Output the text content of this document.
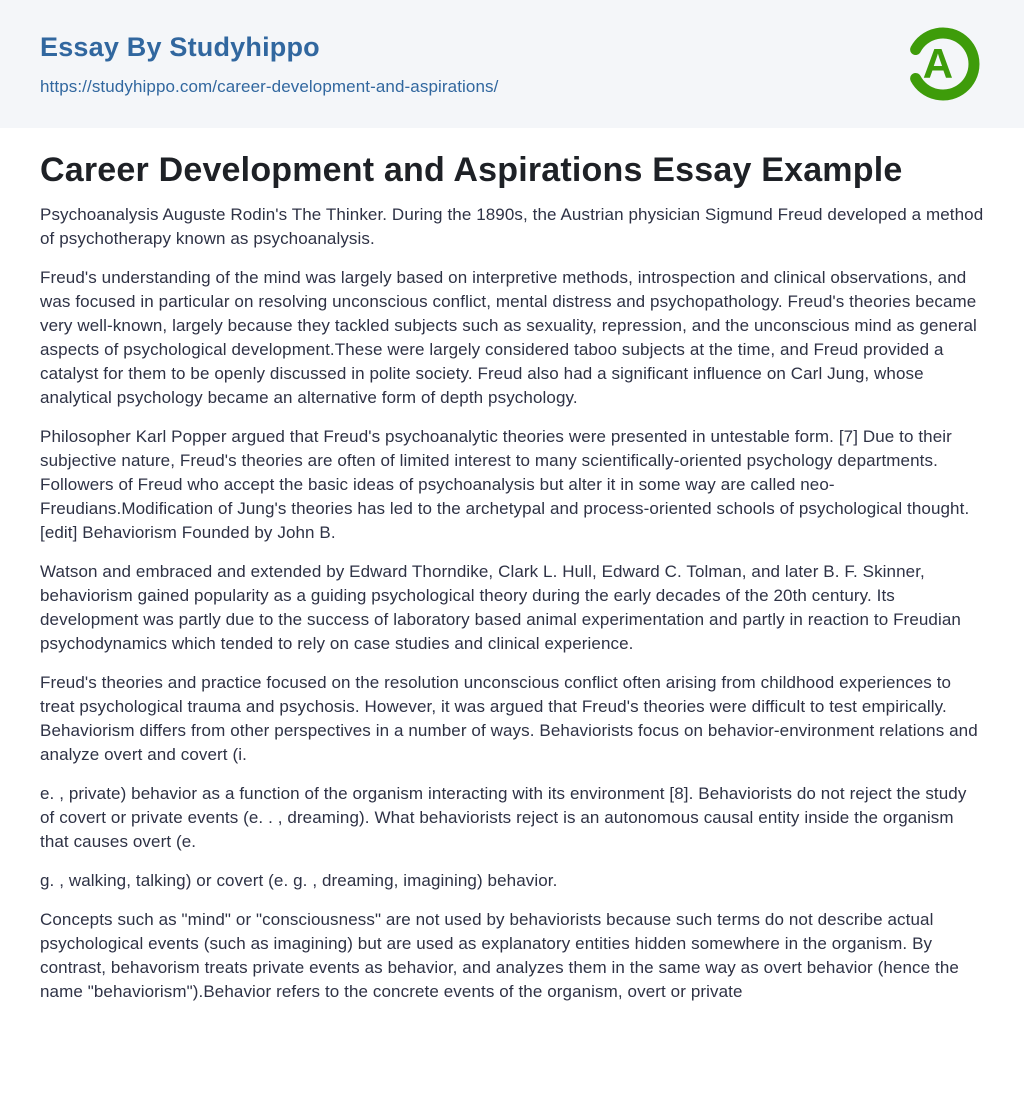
Essay By Studyhippo
https://studyhippo.com/career-development-and-aspirations/	A
Career Development and Aspirations Essay Example

Psychoanalysis Auguste Rodin's The Thinker. During the 1890s, the Austrian physician Sigmund Freud developed a method of psychotherapy known as psychoanalysis.

Freud's understanding of the mind was largely based on interpretive methods, introspection and clinical observations, and was focused in particular on resolving unconscious conflict, mental distress and psychopathology. Freud's theories became very well-known, largely because they tackled subjects such as sexuality, repression, and the unconscious mind as general aspects of psychological development.These were largely considered taboo subjects at the time, and Freud provided a catalyst for them to be openly discussed in polite society. Freud also had a significant influence on Carl Jung, whose analytical psychology became an alternative form of depth psychology.

Philosopher Karl Popper argued that Freud's psychoanalytic theories were presented in untestable form. [7] Due to their subjective nature, Freud's theories are often of limited interest to many scientifically-oriented psychology departments. Followers of Freud who accept the basic ideas of psychoanalysis but alter it in some way are called neo-Freudians.Modification of Jung's theories has led to the archetypal and process-oriented schools of psychological thought. [edit] Behaviorism Founded by John B.

Watson and embraced and extended by Edward Thorndike, Clark L. Hull, Edward C. Tolman, and later B. F. Skinner, behaviorism gained popularity as a guiding psychological theory during the early decades of the 20th century. Its development was partly due to the success of laboratory based animal experimentation and partly in reaction to Freudian psychodynamics which tended to rely on case studies and clinical experience.

Freud's theories and practice focused on the resolution unconscious conflict often arising from childhood experiences to treat psychological trauma and psychosis. However, it was argued that Freud's theories were difficult to test empirically. Behaviorism differs from other perspectives in a number of ways. Behaviorists focus on behavior-environment relations and analyze overt and covert (i.

e. , private) behavior as a function of the organism interacting with its environment [8]. Behaviorists do not reject the study of covert or private events (e. . , dreaming). What behaviorists reject is an autonomous causal entity inside the organism that causes overt (e.

g. , walking, talking) or covert (e. g. , dreaming, imagining) behavior.

Concepts such as "mind" or "consciousness" are not used by behaviorists because such terms do not describe actual psychological events (such as imagining) but are used as explanatory entities hidden somewhere in the organism. By contrast, behavorism treats private events as behavior, and analyzes them in the same way as overt behavior (hence the name "behaviorism").Behavior refers to the concrete events of the organism, overt or private
